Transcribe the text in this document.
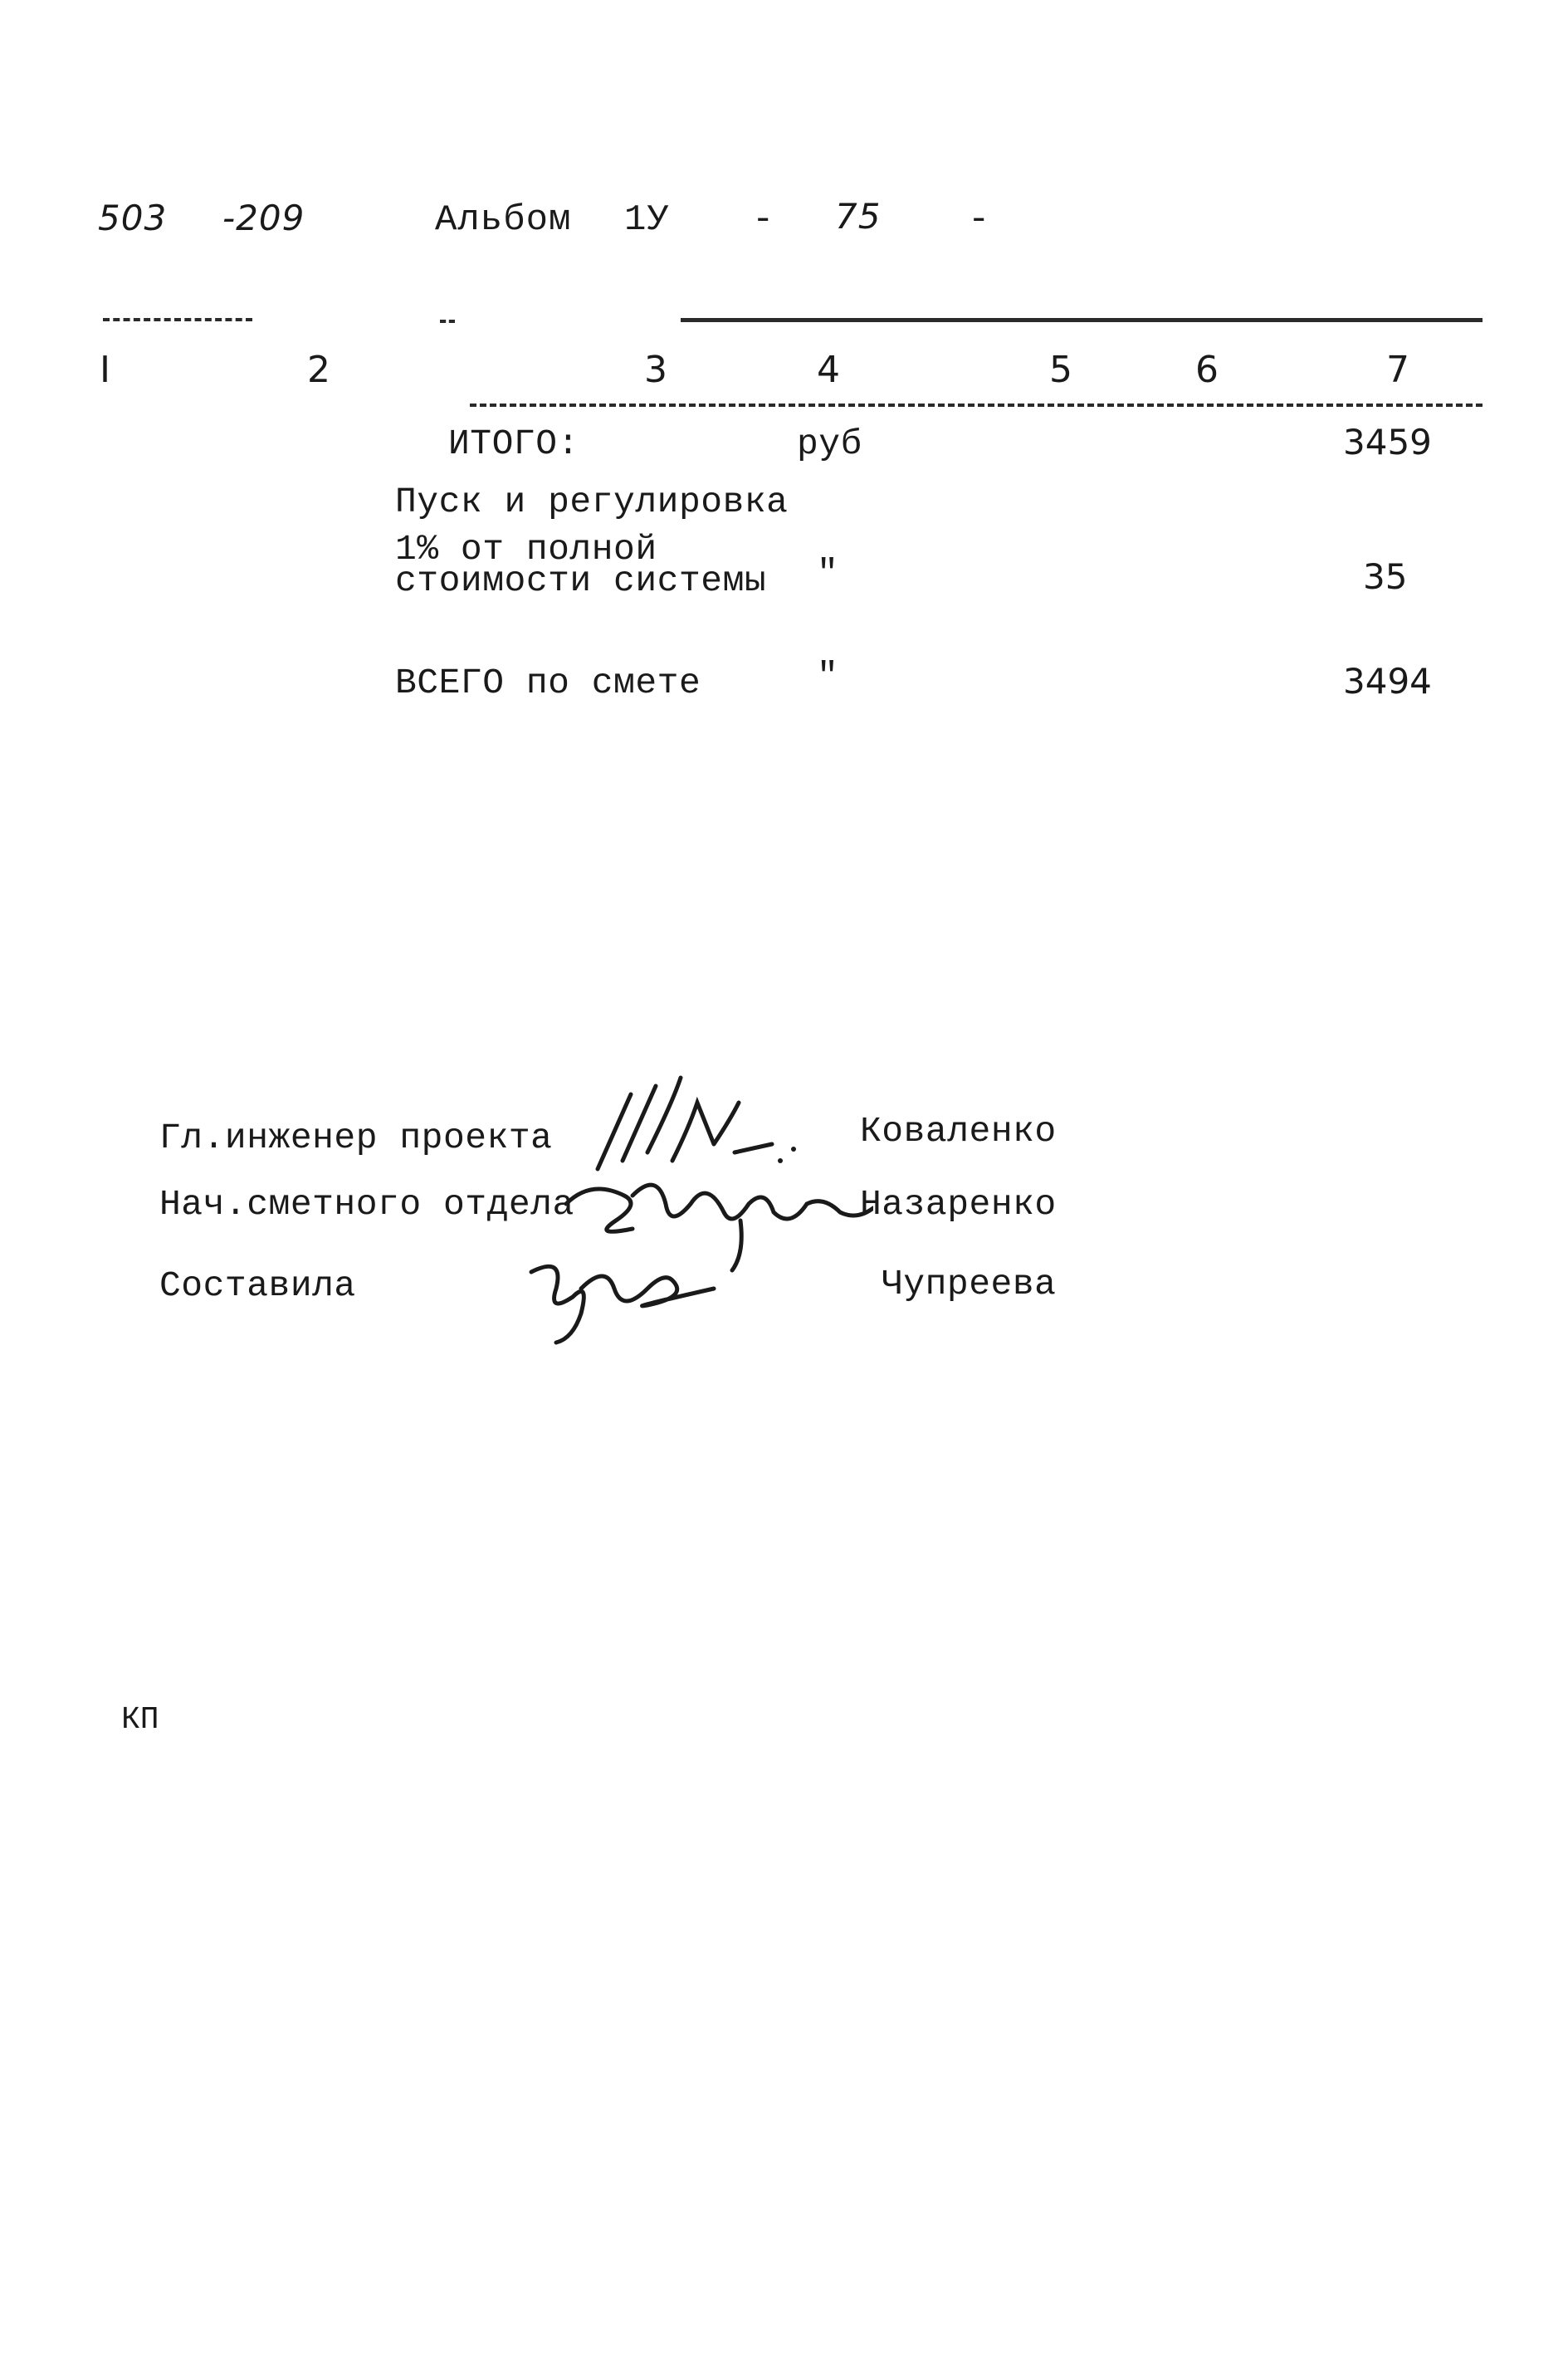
503 -209	Альбом 1У - 75 -
I	2	3	4	5	6	7
ИТОГО:	руб	3459
Пуск и регулировка
1% от полной
стоимости системы "	35
ВСЕГО по смете	"	3494
Гл.инженер проекта	Коваленко
Нач.сметного отдела	Назаренко
Составила	Чупреева
КП
